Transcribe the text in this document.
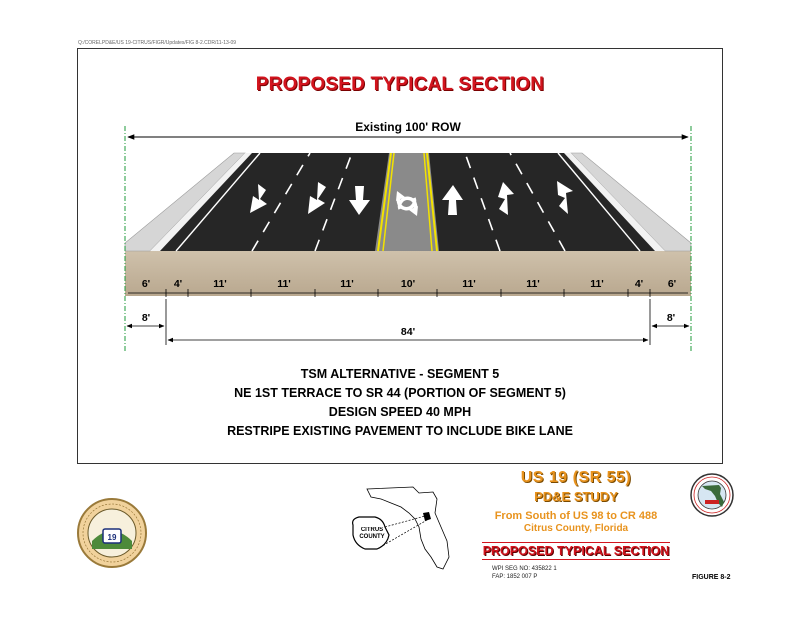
Q:/CORELPD&E/US 19-CITRUS/FIGR/Updates/FIG 8-2.CDR/11-13-09
PROPOSED TYPICAL SECTION
Existing 100' ROW
6' 4'	11'	11'	11'	10'	11'	11'	11'	4' 6'
8'
84'
8'
TSM ALTERNATIVE - SEGMENT 5
NE 1ST TERRACE TO SR 44 (PORTION OF SEGMENT 5)
DESIGN SPEED 40 MPH
RESTRIPE EXISTING PAVEMENT TO INCLUDE BIKE LANE
19
CITRUS COUNTY
US 19 (SR 55)
PD&E STUDY
From South of US 98 to CR 488
Citrus County, Florida
PROPOSED TYPICAL SECTION
WPI SEG NO: 435822 1
FAP: 1852 007 P	FIGURE 8-2
